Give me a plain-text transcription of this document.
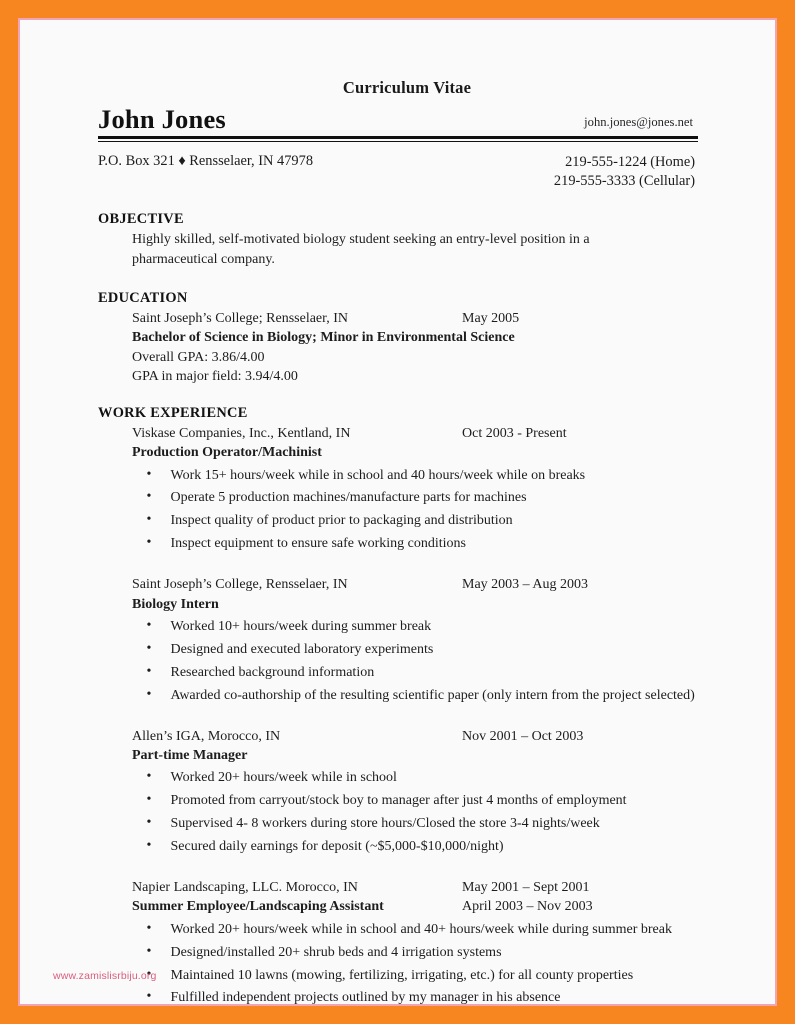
Curriculum Vitae
John Jones	john.jones@jones.net
P.O. Box 321 ♦ Rensselaer, IN 47978	219-555-1224 (Home)
219-555-3333 (Cellular)
OBJECTIVE
Highly skilled, self-motivated biology student seeking an entry-level position in a pharmaceutical company.
EDUCATION
Saint Joseph’s College; Rensselaer, IN	May 2005
Bachelor of Science in Biology; Minor in Environmental Science
Overall GPA: 3.86/4.00
GPA in major field: 3.94/4.00
WORK EXPERIENCE
Viskase Companies, Inc., Kentland, IN	Oct 2003 - Present
Production Operator/Machinist
• Work 15+ hours/week while in school and 40 hours/week while on breaks
• Operate 5 production machines/manufacture parts for machines
• Inspect quality of product prior to packaging and distribution
• Inspect equipment to ensure safe working conditions
Saint Joseph’s College, Rensselaer, IN	May 2003 – Aug 2003
Biology Intern
• Worked 10+ hours/week during summer break
• Designed and executed laboratory experiments
• Researched background information
• Awarded co-authorship of the resulting scientific paper (only intern from the project selected)
Allen’s IGA, Morocco, IN	Nov 2001 – Oct 2003
Part-time Manager
• Worked 20+ hours/week while in school
• Promoted from carryout/stock boy to manager after just 4 months of employment
• Supervised 4- 8 workers during store hours/Closed the store 3-4 nights/week
• Secured daily earnings for deposit (~$5,000-$10,000/night)
Napier Landscaping, LLC. Morocco, IN	May 2001 – Sept 2001
Summer Employee/Landscaping Assistant	April 2003 – Nov 2003
• Worked 20+ hours/week while in school and 40+ hours/week while during summer break
• Designed/installed 20+ shrub beds and 4 irrigation systems
• Maintained 10 lawns (mowing, fertilizing, irrigating, etc.) for all county properties
• Fulfilled independent projects outlined by my manager in his absence
www.zamislisrbiju.org
